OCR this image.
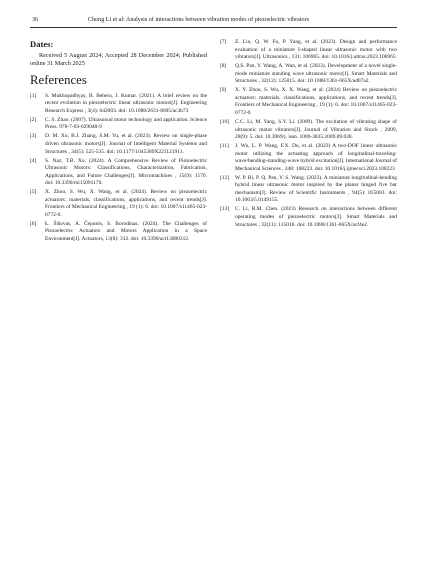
36	Chong Li et al: Analysis of interactions between vibration modes of piezoelectric vibrators
Dates:
Received 5 August 2024; Accepted 28 December 2024; Published online 31 March 2025
References
[1]	S. Mukhopadhyay, B. Behera, J. Kumar. (2021). A brief review on the recent evolution in piezoelectric linear ultrasonic motors[J]. Engineering Research Express , 3(4): 042003. doi: 10.1088/2631-8695/ac3b73
[2]	C. S. Zhao. (2007). Ultrasonud motor technology and application. Science Press. 978-7-03-029048-9
[3]	D. M. Xu, B.J. Zhang, S.M. Yu, et al. (2023). Review on single-phase driven ultrasonic motors[J]. Journal of Intelligent Material Systems and Structures , 34(5): 525-535. doi: 10.1177/1045389X221121911.
[4]	S. Naz, T.B. Xu. (2024). A Comprehensive Review of Piezoelectric Ultrasonic Motors: Classifications, Characterization, Fabrication, Applications, and Future Challenges[J]. Micromachines , 15(9): 1170. doi: 10.3390/mi15091170.
[5]	X. Zhou, S. Wu, X. Wang, et al. (2024). Review on piezoelectric actuators: materials, classifications, applications, and recent trends[J]. Frontiers of Mechanical Engineering , 19 (1): 6. doi: 10.1007/s11465-023-0772-0.
[6]	Ł. Šišovas, A. Čeponis, S. Borodinas. (2024). The Challenges of Piezoelectric Actuators and Motors Application in a Space Environment[J]. Actuators, 13(8): 312. doi: 10.3390/act13080312.
[7]	Z. Liu, Q. W. Fu, P. Yang, et al. (2023). Design and performance evaluation of a miniature I-shaped linear ultrasonic motor with two vibrators[J]. Ultrasonics , 131: 106965. doi: 10.1016/j.ultras.2023.106965.
[8]	Q.S. Pan, Y. Wang, A. Wan, et al. (2023). Development of a novel single-mode miniature standing wave ultrasonic motor[J]. Smart Materials and Structures , 32(12): 125015. doi: 10.1088/1361-665X/ad07a2.
[9]	X. Y. Zhou, S. Wu, X. X. Wang, et al. (2024) Review on piezoelectric actuators: materials, classifications, applications, and recent trends[J]. Frontiers of Mechanical Engineering , 19 (1): 6. doi: 10.1007/s11465-023-0772-0.
[10]	C.C. Li, M. Yang, S.Y. Li. (2009). The excitation of vibrating shape of ultrasonic motor vibrators[J]. Journal of Vibration and Shock , 2009, 28(9): 5. doi: 10.3969/j. issn. 1000-3835.2009.09.038.
[11]	J. Wu, L. P. Wang, F.X. Du, et al. (2023) A two-DOF linear ultrasonic motor utilizing the actuating approach of longitudinal-traveling-wave/bending-standing-wave hybrid excitation[J]. International Journal of Mechanical Sciences , 248: 108223. doi: 10.1016/j.ijmecsci.2023.108223
[12]	W. P. Bi, P. Q. Pan, Y. S. Wang. (2023). A miniature longitudinal-bending hybrid linear ultrasonic motor inspired by the planar hinged five bar mechanism[J]. Review of Scientific Instruments , 94(5): 055003. doi: 10.1063/5.0149155.
[13]	C. Li, R.M. Chen. (2023) Research on interactions between different operating modes of piezoelectric motors[J]. Smart Materials and Structures , 32(11): 115016. doi: 10.1088/1361-665X/acf4e2.
